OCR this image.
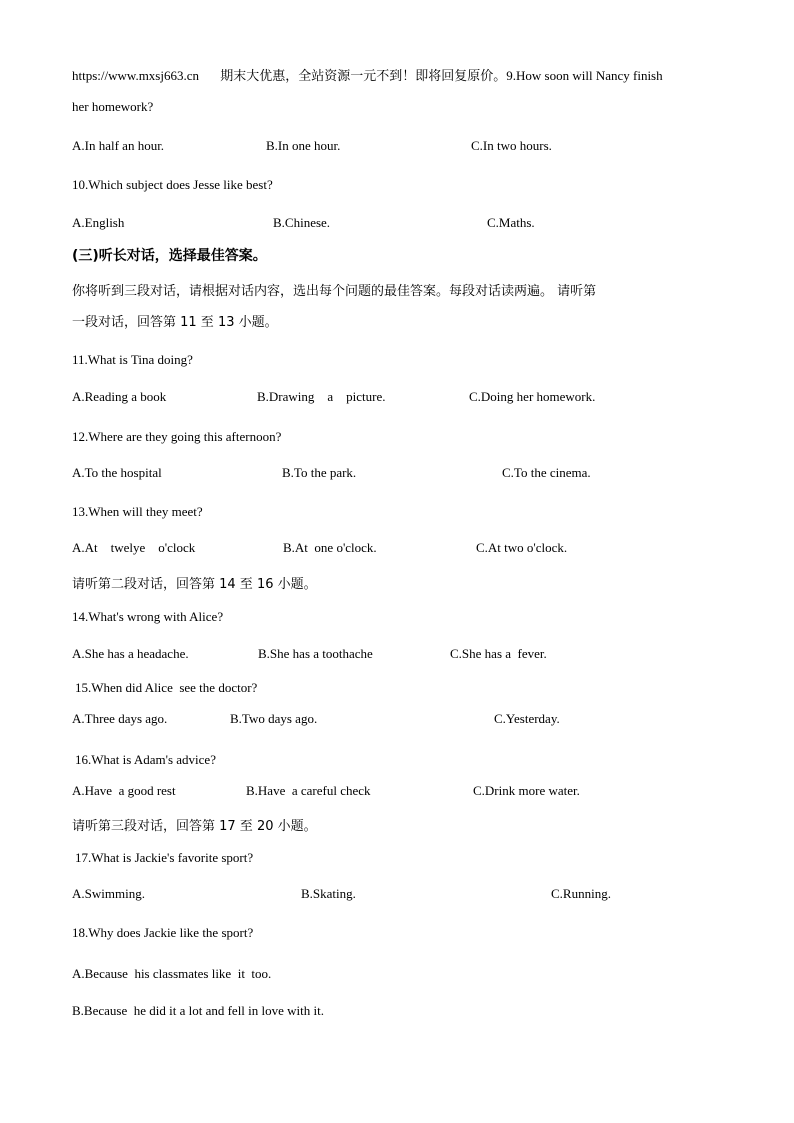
https://www.mxsj663.cn 期末大优惠，全站资源一元不到！即将回复原价。9.How soon will Nancy finish
her homework?
A.In half an hour.	B.In one hour.	C.In two hours.
10.Which subject does Jesse like best?
A.English	B.Chinese.	C.Maths.
(三)听长对话，选择最佳答案。
你将听到三段对话，请根据对话内容，选出每个问题的最佳答案。每段对话读两遍。 请听第
一段对话，回答第 11 至 13 小题。
11.What is Tina doing?
A.Reading a book	B.Drawing    a    picture.	C.Doing her homework.
12.Where are they going this afternoon?
A.To the hospital	B.To the park.	C.To the cinema.
13.When will they meet?
A.At    twelye    o'clock	B.At  one o'clock.	C.At two o'clock.
请听第二段对话，回答第 14 至 16 小题。
14.What's wrong with Alice?
A.She has a headache.	B.She has a toothache	C.She has a  fever.
15.When did Alice  see the doctor?
A.Three days ago.	B.Two days ago.	C.Yesterday.
16.What is Adam's advice?
A.Have  a good rest	B.Have  a careful check	C.Drink more water.
请听第三段对话，回答第 17 至 20 小题。
17.What is Jackie's favorite sport?
A.Swimming.	B.Skating.	C.Running.
18.Why does Jackie like the sport?
A.Because  his classmates like  it  too.
B.Because  he did it a lot and fell in love with it.
